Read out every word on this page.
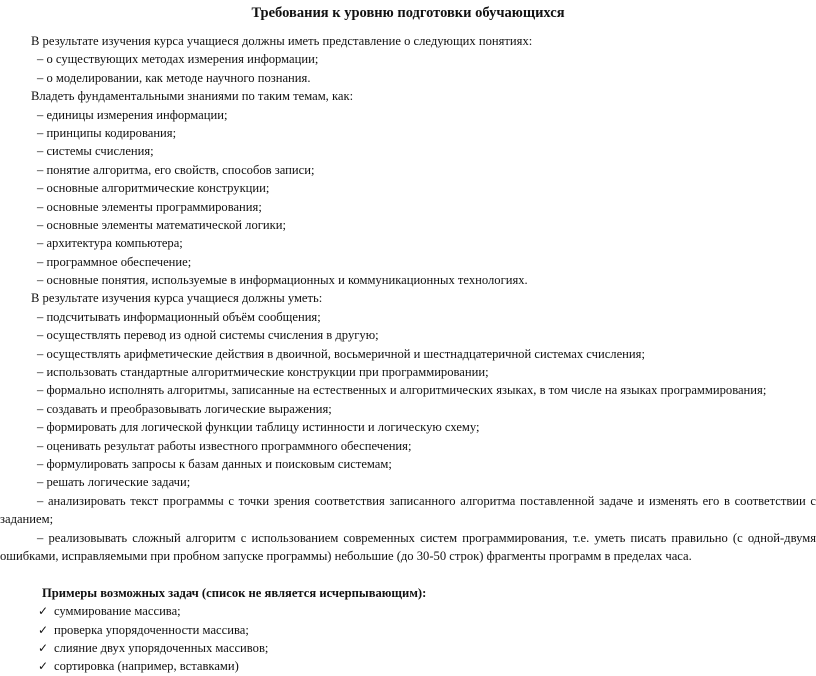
Требования к уровню подготовки обучающихся
В результате изучения курса учащиеся должны иметь представление о следующих понятиях:
– о существующих методах измерения информации;
– о моделировании, как методе научного познания.
Владеть фундаментальными знаниями по таким темам, как:
– единицы измерения информации;
– принципы кодирования;
– системы счисления;
– понятие алгоритма, его свойств, способов записи;
– основные алгоритмические конструкции;
– основные элементы программирования;
– основные элементы математической логики;
– архитектура компьютера;
– программное обеспечение;
– основные понятия, используемые в информационных и коммуникационных технологиях.
В результате изучения курса учащиеся должны уметь:
– подсчитывать информационный объём сообщения;
– осуществлять перевод из одной системы счисления в другую;
– осуществлять арифметические действия в двоичной, восьмеричной и шестнадцатеричной системах счисления;
– использовать стандартные алгоритмические конструкции при программировании;
– формально исполнять алгоритмы, записанные на естественных и алгоритмических языках, в том числе на языках программирования;
– создавать и преобразовывать логические выражения;
– формировать для логической функции таблицу истинности и логическую схему;
– оценивать результат работы известного программного обеспечения;
– формулировать запросы к базам данных и поисковым системам;
– решать логические задачи;
– анализировать текст программы с точки зрения соответствия записанного алгоритма поставленной задаче и изменять его в соответствии с заданием;
– реализовывать сложный алгоритм с использованием современных систем программирования, т.е. уметь писать правильно (с одной-двумя ошибками, исправляемыми при пробном запуске программы) небольшие (до 30-50 строк) фрагменты программ в пределах часа.
Примеры возможных задач (список не является исчерпывающим):
✓ суммирование массива;
✓ проверка упорядоченности массива;
✓ слияние двух упорядоченных массивов;
✓ сортировка (например, вставками)
